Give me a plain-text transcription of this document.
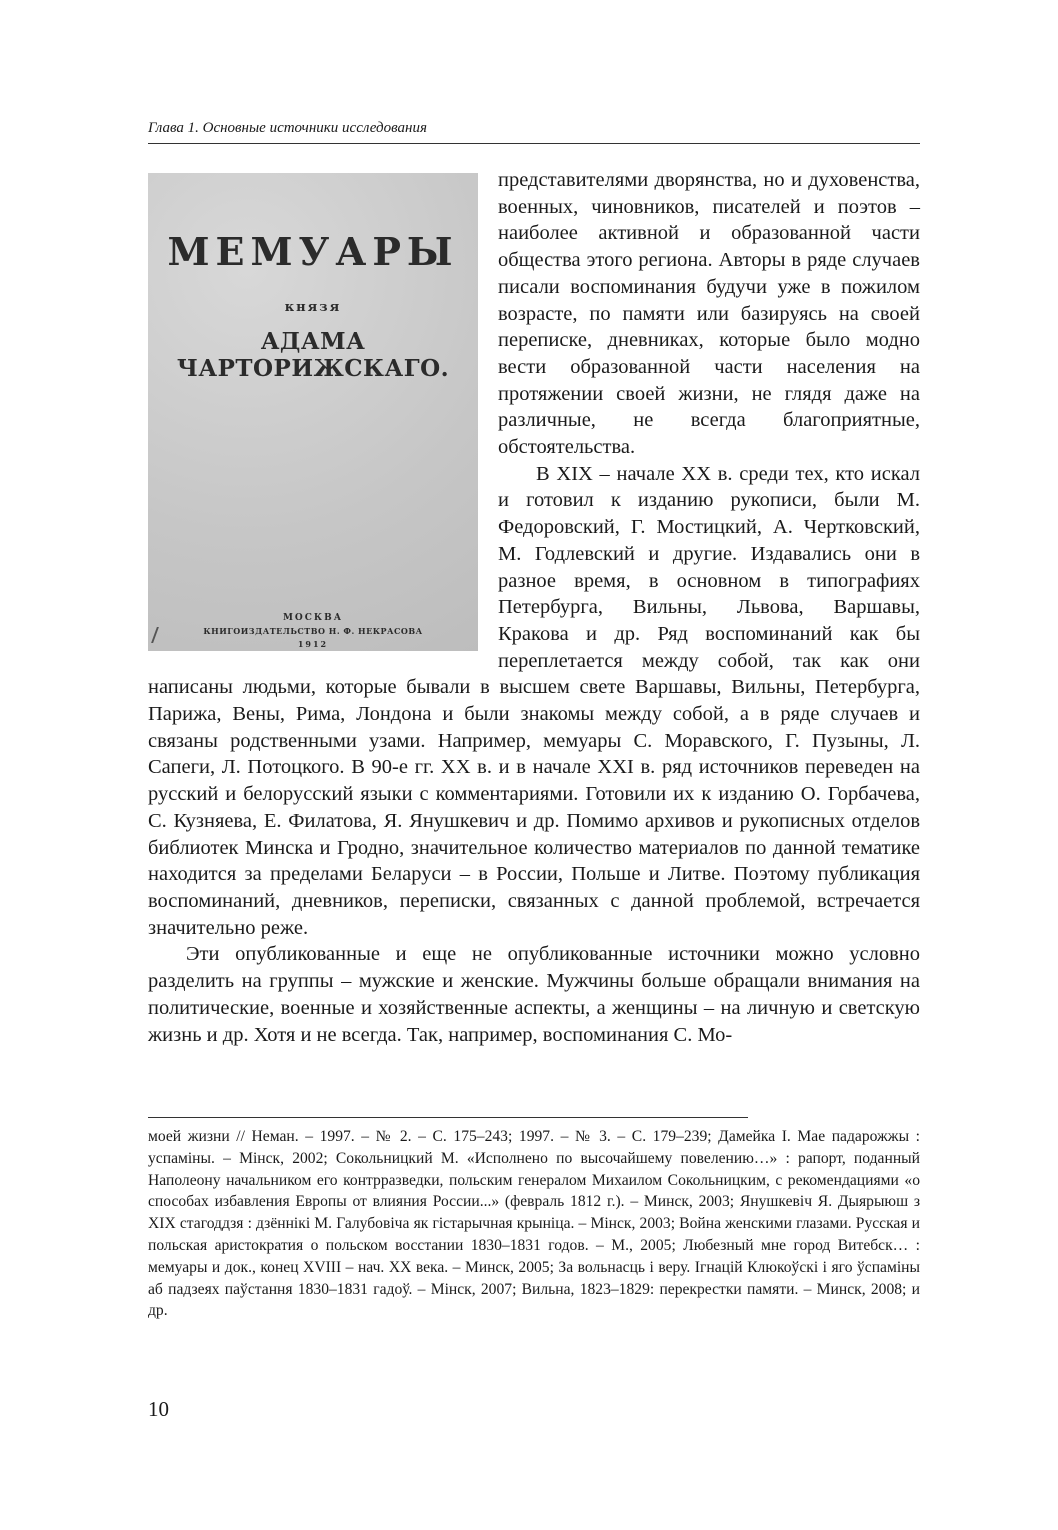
Глава 1. Основные источники исследования
МЕМУАРЫ
князя
АДАМА ЧАРТОРИЖСКАГО.
МОСКВА
КНИГОИЗДАТЕЛЬСТВО Н. Ф. НЕКРАСОВА
1912

представителями дворянства, но и духовенства, военных, чиновников, писателей и поэтов – наиболее активной и образованной части общества этого региона. Авторы в ряде случаев писали воспоминания будучи уже в пожилом возрасте, по памяти или базируясь на своей переписке, дневниках, которые было модно вести образованной части населения на протяжении своей жизни, не глядя даже на различные, не всегда благоприятные, обстоятельства.

В XIX – начале XX в. среди тех, кто искал и готовил к изданию рукописи, были М. Федоровский, Г. Мостицкий, А. Чертковский, М. Годлевский и другие. Издавались они в разное время, в основном в типографиях Петербурга, Вильны, Львова, Варшавы, Кракова и др. Ряд воспоминаний как бы переплетается между собой, так как они написаны людьми, которые бывали в высшем свете Варшавы, Вильны, Петербурга, Парижа, Вены, Рима, Лондона и были знакомы между собой, а в ряде случаев и связаны родственными узами. Например, мемуары С. Моравского, Г. Пузыны, Л. Сапеги, Л. Потоцкого. В 90-е гг. XX в. и в начале XXI в. ряд источников переведен на русский и белорусский языки с комментариями. Готовили их к изданию О. Горбачева, С. Кузняева, Е. Филатова, Я. Янушкевич и др. Помимо архивов и рукописных отделов библиотек Минска и Гродно, значительное количество материалов по данной тематике находится за пределами Беларуси – в России, Польше и Литве. Поэтому публикация воспоминаний, дневников, переписки, связанных с данной проблемой, встречается значительно реже.

Эти опубликованные и еще не опубликованные источники можно условно разделить на группы – мужские и женские. Мужчины больше обращали внимания на политические, военные и хозяйственные аспекты, а женщины – на личную и светскую жизнь и др. Хотя и не всегда. Так, например, воспоминания С. Мо-

моей жизни // Неман. – 1997. – № 2. – С. 175–243; 1997. – № 3. – С. 179–239; Дамейка І. Мае падарожжы : успаміны. – Мінск, 2002; Сокольницкий М. «Исполнено по высочайшему повелению…» : рапорт, поданный Наполеону начальником его контрразведки, польским генералом Михаилом Сокольницким, с рекомендациями «о способах избавления Европы от влияния России...» (февраль 1812 г.). – Минск, 2003; Янушкевіч Я. Дыярыюш з XIX стагоддзя : дзённікі М. Галубовіча як гістарычная крыніца. – Мінск, 2003; Война женскими глазами. Русская и польская аристократия о польском восстании 1830–1831 годов. – М., 2005; Любезный мне город Витебск… : мемуары и док., конец XVIII – нач. XX века. – Минск, 2005; За вольнасць і веру. Ігнацій Клюкоўскі і яго ўспаміны аб падзеях паўстання 1830–1831 гадоў. – Мінск, 2007; Вильна, 1823–1829: перекрестки памяти. – Минск, 2008; и др.

10
